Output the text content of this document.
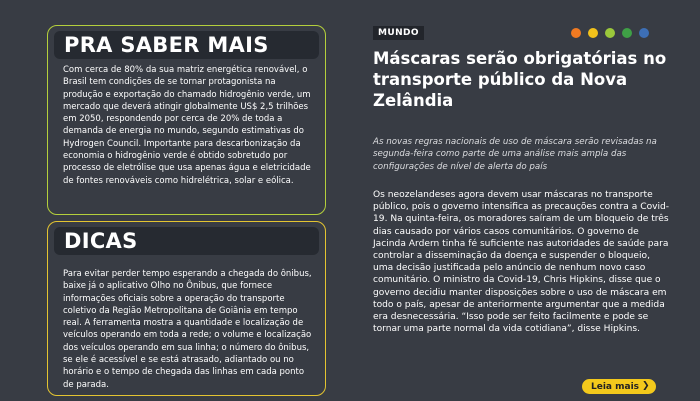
PRA SABER MAIS
Com cerca de 80% da sua matriz energética renovável, o Brasil tem condições de se tornar protagonista na produção e exportação do chamado hidrogênio verde, um mercado que deverá atingir globalmente US$ 2,5 trilhões em 2050, respondendo por cerca de 20% de toda a demanda de energia no mundo, segundo estimativas do Hydrogen Council. Importante para descarbonização da economia o hidrogênio verde é obtido sobretudo por processo de eletrólise que usa apenas água e eletricidade de fontes renováveis como hidrelétrica, solar e eólica.
DICAS
Para evitar perder tempo esperando a chegada do ônibus, baixe já o aplicativo Olho no Ônibus, que fornece informações oficiais sobre a operação do transporte coletivo da Região Metropolitana de Goiânia em tempo real. A ferramenta mostra a quantidade e localização de veículos operando em toda a rede; o volume e localização dos veículos operando em sua linha; o número do ônibus, se ele é acessível e se está atrasado, adiantado ou no horário e o tempo de chegada das linhas em cada ponto de parada.
MUNDO
Máscaras serão obrigatórias no transporte público da Nova Zelândia

As novas regras nacionais de uso de máscara serão revisadas na segunda-feira como parte de uma análise mais ampla das configurações de nível de alerta do país

Os neozelandeses agora devem usar máscaras no transporte público, pois o governo intensifica as precauções contra a Covid-19. Na quinta-feira, os moradores saíram de um bloqueio de três dias causado por vários casos comunitários. O governo de Jacinda Ardern tinha fé suficiente nas autoridades de saúde para controlar a disseminação da doença e suspender o bloqueio, uma decisão justificada pelo anúncio de nenhum novo caso comunitário. O ministro da Covid-19, Chris Hipkins, disse que o governo decidiu manter disposições sobre o uso de máscara em todo o país, apesar de anteriormente argumentar que a medida era desnecessária. “Isso pode ser feito facilmente e pode se tornar uma parte normal da vida cotidiana”, disse Hipkins.

Leia mais ❯
